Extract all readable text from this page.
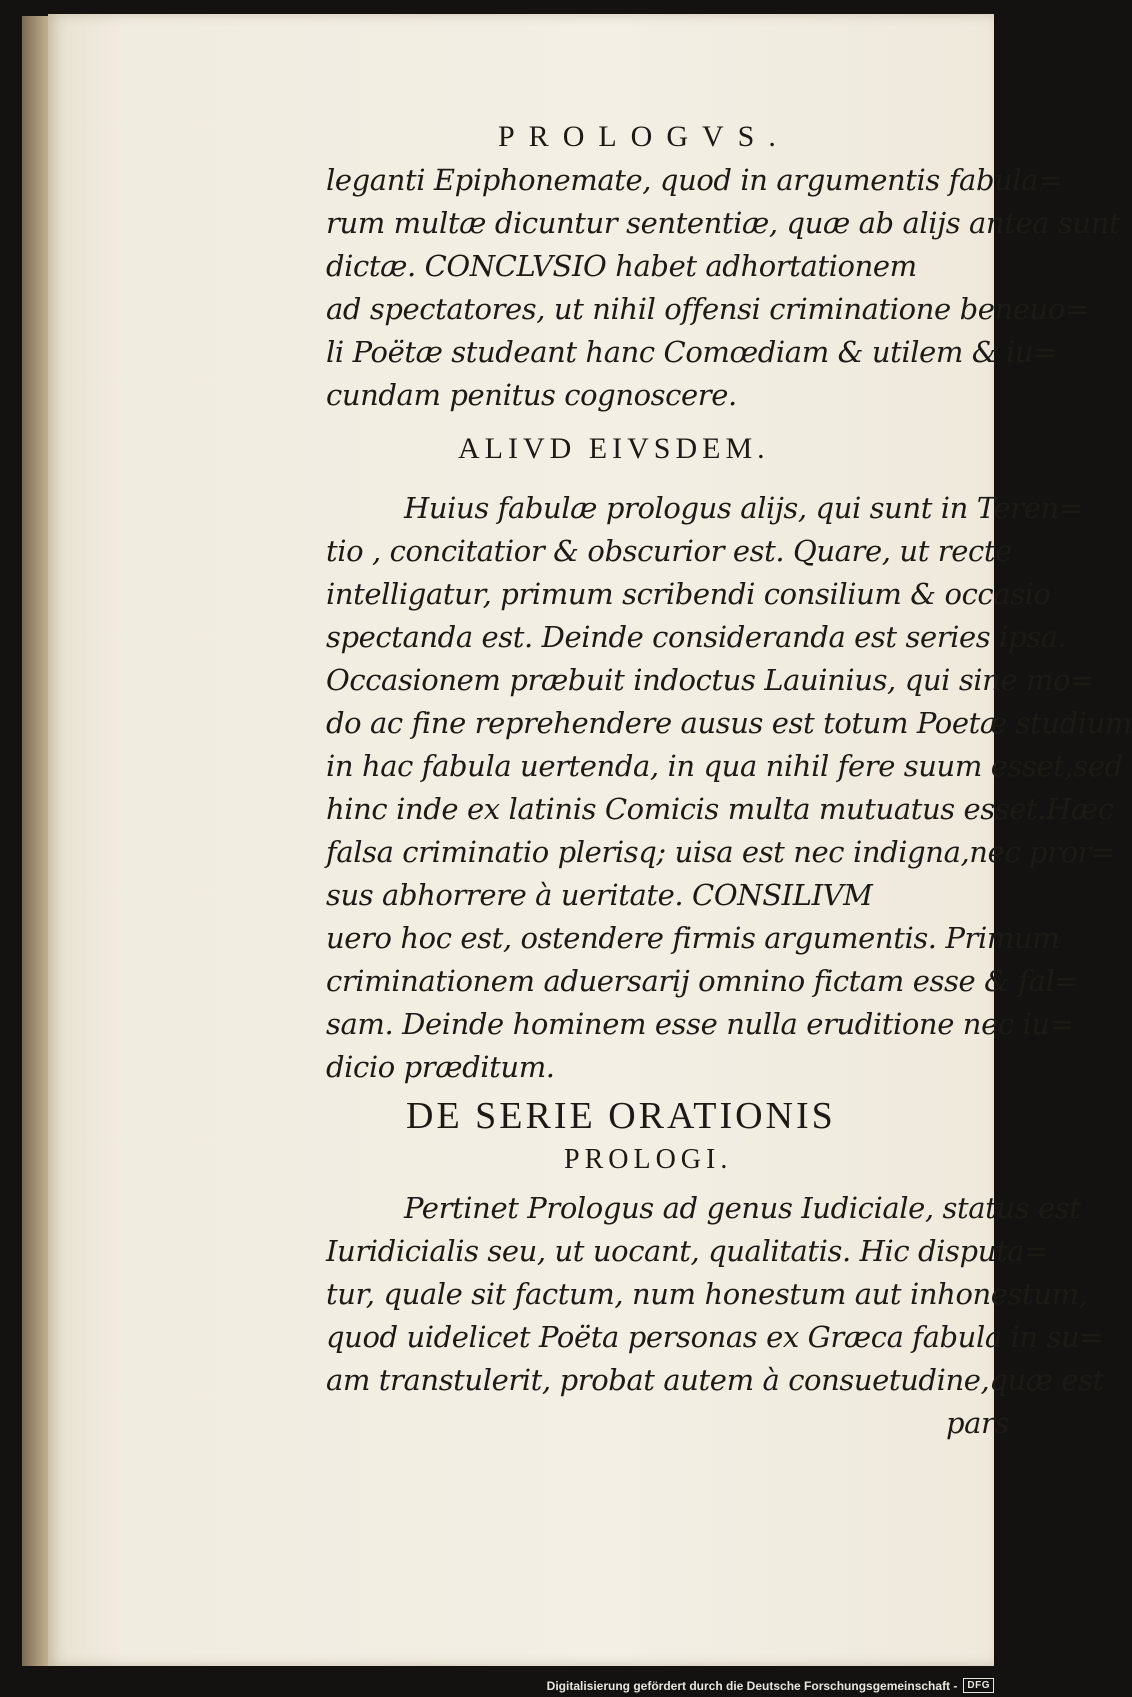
PROLOGVS.
leganti Epiphonemate, quod in argumentis fabula=
rum multæ dicuntur sententiæ, quæ ab alijs antea sunt
dictæ. CONCLVSIO habet adhortationem
ad spectatores, ut nihil offensi criminatione beneuo=
li Poëtæ studeant hanc Comœdiam & utilem & iu=
cundam penitus cognoscere.
ALIVD EIVSDEM.
Huius fabulæ prologus alijs, qui sunt in Teren=
tio , concitatior & obscurior est. Quare, ut recte
intelligatur, primum scribendi consilium & occasio
spectanda est. Deinde consideranda est series ipsa.
Occasionem præbuit indoctus Lauinius, qui sine mo=
do ac fine reprehendere ausus est totum Poetæ studium
in hac fabula uertenda, in qua nihil fere suum esset,sed
hinc inde ex latinis Comicis multa mutuatus esset.Hæc
falsa criminatio plerisq; uisa est nec indigna,nec pror=
sus abhorrere à ueritate. CONSILIVM
uero hoc est, ostendere firmis argumentis. Primum
criminationem aduersarij omnino fictam esse & fal=
sam. Deinde hominem esse nulla eruditione nec iu=
dicio præditum.
DE SERIE ORATIONIS
PROLOGI.
Pertinet Prologus ad genus Iudiciale, status est
Iuridicialis seu, ut uocant, qualitatis. Hic disputa=
tur, quale sit factum, num honestum aut inhonestum,
quod uidelicet Poëta personas ex Græca fabula in su=
am transtulerit, probat autem à consuetudine,quæ est
pars
Digitalisierung gefördert durch die Deutsche Forschungsgemeinschaft -	DFG
